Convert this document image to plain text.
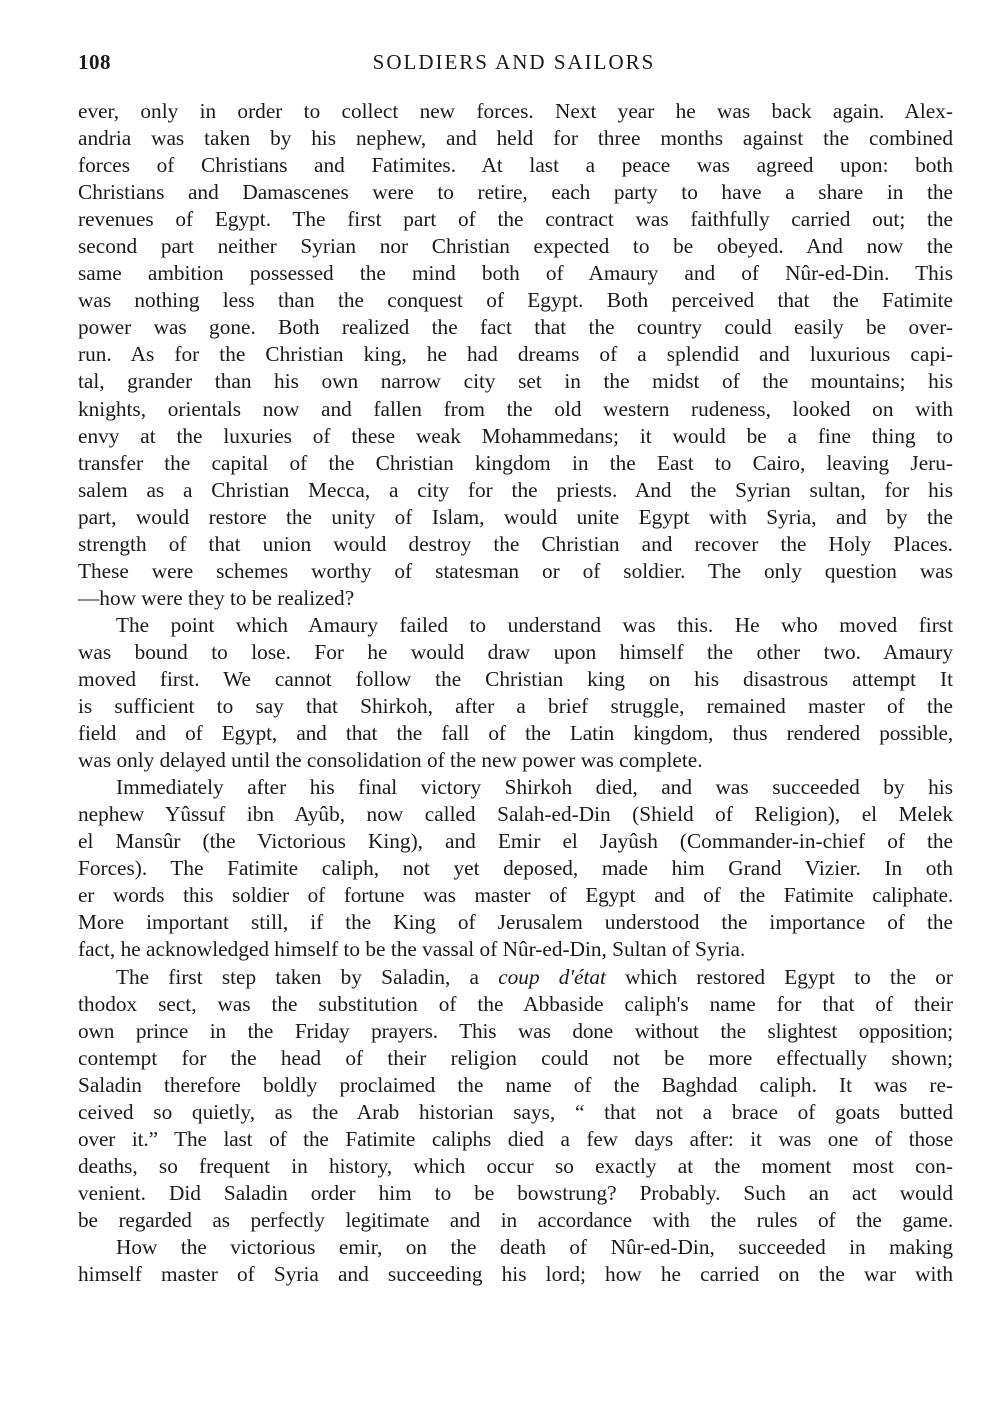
108	SOLDIERS AND SAILORS
ever, only in order to collect new forces. Next year he was back again. Alex-
andria was taken by his nephew, and held for three months against the combined
forces of Christians and Fatimites. At last a peace was agreed upon: both
Christians and Damascenes were to retire, each party to have a share in the
revenues of Egypt. The first part of the contract was faithfully carried out; the
second part neither Syrian nor Christian expected to be obeyed. And now the
same ambition possessed the mind both of Amaury and of Nûr-ed-Din. This
was nothing less than the conquest of Egypt. Both perceived that the Fatimite
power was gone. Both realized the fact that the country could easily be over-
run. As for the Christian king, he had dreams of a splendid and luxurious capi-
tal, grander than his own narrow city set in the midst of the mountains; his
knights, orientals now and fallen from the old western rudeness, looked on with
envy at the luxuries of these weak Mohammedans; it would be a fine thing to
transfer the capital of the Christian kingdom in the East to Cairo, leaving Jeru-
salem as a Christian Mecca, a city for the priests. And the Syrian sultan, for his
part, would restore the unity of Islam, would unite Egypt with Syria, and by the
strength of that union would destroy the Christian and recover the Holy Places.
These were schemes worthy of statesman or of soldier. The only question was
—how were they to be realized?
The point which Amaury failed to understand was this. He who moved first
was bound to lose. For he would draw upon himself the other two. Amaury
moved first. We cannot follow the Christian king on his disastrous attempt It
is sufficient to say that Shirkoh, after a brief struggle, remained master of the
field and of Egypt, and that the fall of the Latin kingdom, thus rendered possible,
was only delayed until the consolidation of the new power was complete.
Immediately after his final victory Shirkoh died, and was succeeded by his
nephew Yûssuf ibn Ayûb, now called Salah-ed-Din (Shield of Religion), el Melek
el Mansûr (the Victorious King), and Emir el Jayûsh (Commander-in-chief of the
Forces). The Fatimite caliph, not yet deposed, made him Grand Vizier. In oth
er words this soldier of fortune was master of Egypt and of the Fatimite caliphate.
More important still, if the King of Jerusalem understood the importance of the
fact, he acknowledged himself to be the vassal of Nûr-ed-Din, Sultan of Syria.
The first step taken by Saladin, a coup d'état which restored Egypt to the or
thodox sect, was the substitution of the Abbaside caliph's name for that of their
own prince in the Friday prayers. This was done without the slightest opposition;
contempt for the head of their religion could not be more effectually shown;
Saladin therefore boldly proclaimed the name of the Baghdad caliph. It was re-
ceived so quietly, as the Arab historian says, “ that not a brace of goats butted
over it.” The last of the Fatimite caliphs died a few days after: it was one of those
deaths, so frequent in history, which occur so exactly at the moment most con-
venient. Did Saladin order him to be bowstrung? Probably. Such an act would
be regarded as perfectly legitimate and in accordance with the rules of the game.
How the victorious emir, on the death of Nûr-ed-Din, succeeded in making
himself master of Syria and succeeding his lord; how he carried on the war with
